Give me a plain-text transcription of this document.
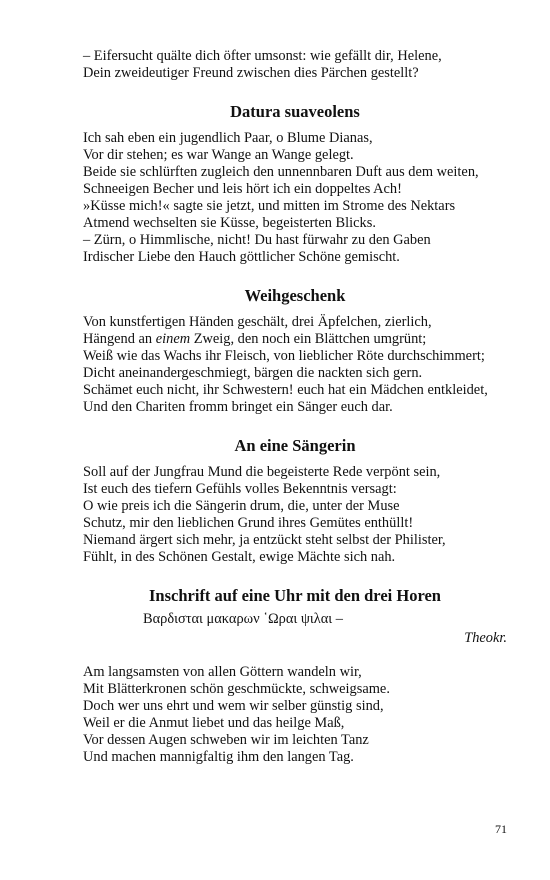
– Eifersucht quälte dich öfter umsonst: wie gefällt dir, Helene,

Dein zweideutiger Freund zwischen dies Pärchen gestellt?

Datura suaveolens

Ich sah eben ein jugendlich Paar, o Blume Dianas,

Vor dir stehen; es war Wange an Wange gelegt.

Beide sie schlürften zugleich den unnennbaren Duft aus dem weiten,

Schneeigen Becher und leis hört ich ein doppeltes Ach!

»Küsse mich!« sagte sie jetzt, und mitten im Strome des Nektars

Atmend wechselten sie Küsse, begeisterten Blicks.

– Zürn, o Himmlische, nicht! Du hast fürwahr zu den Gaben

Irdischer Liebe den Hauch göttlicher Schöne gemischt.

Weihgeschenk

Von kunstfertigen Händen geschält, drei Äpfelchen, zierlich,

Hängend an einem Zweig, den noch ein Blättchen umgrünt;

Weiß wie das Wachs ihr Fleisch, von lieblicher Röte durchschimmert;

Dicht aneinandergeschmiegt, bärgen die nackten sich gern.

Schämet euch nicht, ihr Schwestern! euch hat ein Mädchen entkleidet,

Und den Chariten fromm bringet ein Sänger euch dar.

An eine Sängerin

Soll auf der Jungfrau Mund die begeisterte Rede verpönt sein,

Ist euch des tiefern Gefühls volles Bekenntnis versagt:

O wie preis ich die Sängerin drum, die, unter der Muse

Schutz, mir den lieblichen Grund ihres Gemütes enthüllt!

Niemand ärgert sich mehr, ja entzückt steht selbst der Philister,

Fühlt, in des Schönen Gestalt, ewige Mächte sich nah.

Inschrift auf eine Uhr mit den drei Horen

Βαρδισται μακαρων ῾Ωραι ψιλαι –

Theokr.

Am langsamsten von allen Göttern wandeln wir,

Mit Blätterkronen schön geschmückte, schweigsame.

Doch wer uns ehrt und wem wir selber günstig sind,

Weil er die Anmut liebet und das heilge Maß,

Vor dessen Augen schweben wir im leichten Tanz

Und machen mannigfaltig ihm den langen Tag.

71
